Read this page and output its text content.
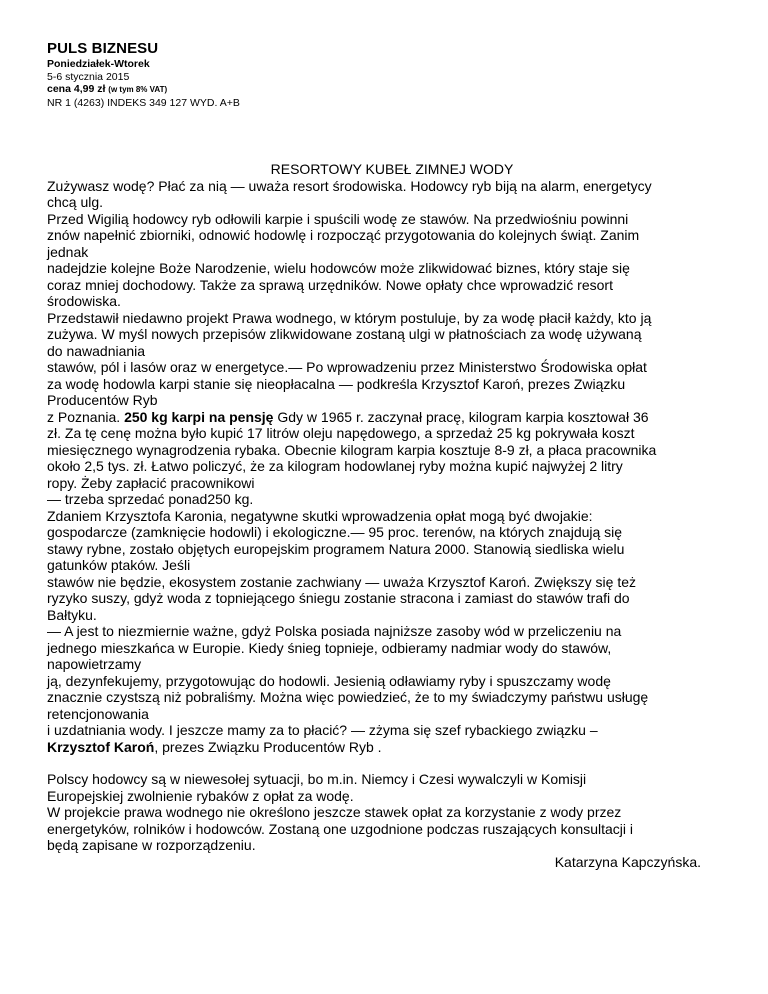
PULS BIZNESU
Poniedziałek-Wtorek
5-6 stycznia 2015
cena 4,99 zł (w tym 8% VAT)
NR 1 (4263) INDEKS 349 127 WYD. A+B
RESORTOWY KUBEŁ ZIMNEJ WODY
Zużywasz wodę? Płać za nią — uważa resort środowiska. Hodowcy ryb biją na alarm, energetycy
chcą ulg.
Przed Wigilią hodowcy ryb odłowili karpie i spuścili wodę ze stawów. Na przedwiośniu powinni
znów napełnić zbiorniki, odnowić hodowlę i rozpocząć przygotowania do kolejnych świąt. Zanim
jednak
nadejdzie kolejne Boże Narodzenie, wielu hodowców może zlikwidować biznes, który staje się
coraz mniej dochodowy. Także za sprawą urzędników. Nowe opłaty chce wprowadzić resort
środowiska.
Przedstawił niedawno projekt Prawa wodnego, w którym postuluje, by za wodę płacił każdy, kto ją
zużywa. W myśl nowych przepisów zlikwidowane zostaną ulgi w płatnościach za wodę używaną
do nawadniania
stawów, pól i lasów oraz w energetyce.— Po wprowadzeniu przez Ministerstwo Środowiska opłat
za wodę hodowla karpi stanie się nieopłacalna — podkreśla Krzysztof Karoń, prezes Związku
Producentów Ryb
z Poznania. 250 kg karpi na pensję Gdy w 1965 r. zaczynał pracę, kilogram karpia kosztował 36
zł. Za tę cenę można było kupić 17 litrów oleju napędowego, a sprzedaż 25 kg pokrywała koszt
miesięcznego wynagrodzenia rybaka. Obecnie kilogram karpia kosztuje 8-9 zł, a płaca pracownika
około 2,5 tys. zł. Łatwo policzyć, że za kilogram hodowlanej ryby można kupić najwyżej 2 litry
ropy. Żeby zapłacić pracownikowi
— trzeba sprzedać ponad250 kg.
Zdaniem Krzysztofa Karonia, negatywne skutki wprowadzenia opłat mogą być dwojakie:
gospodarcze (zamknięcie hodowli) i ekologiczne.— 95 proc. terenów, na których znajdują się
stawy rybne, zostało objętych europejskim programem Natura 2000. Stanowią siedliska wielu
gatunków ptaków. Jeśli
stawów nie będzie, ekosystem zostanie zachwiany — uważa Krzysztof Karoń. Zwiększy się też
ryzyko suszy, gdyż woda z topniejącego śniegu zostanie stracona i zamiast do stawów trafi do
Bałtyku.
— A jest to niezmiernie ważne, gdyż Polska posiada najniższe zasoby wód w przeliczeniu na
jednego mieszkańca w Europie. Kiedy śnieg topnieje, odbieramy nadmiar wody do stawów,
napowietrzamy
ją, dezynfekujemy, przygotowując do hodowli. Jesienią odławiamy ryby i spuszczamy wodę
znacznie czystszą niż pobraliśmy. Można więc powiedzieć, że to my świadczymy państwu usługę
retencjonowania
i uzdatniania wody. I jeszcze mamy za to płacić? — zżyma się szef rybackiego związku –
Krzysztof Karoń, prezes Związku Producentów Ryb .
Polscy hodowcy są w niewesołej sytuacji, bo m.in. Niemcy i Czesi wywalczyli w Komisji
Europejskiej zwolnienie rybaków z opłat za wodę.
W projekcie prawa wodnego nie określono jeszcze stawek opłat za korzystanie z wody przez
energetyków, rolników i hodowców. Zostaną one uzgodnione podczas ruszających konsultacji i
będą zapisane w rozporządzeniu.
Katarzyna Kapczyńska.
